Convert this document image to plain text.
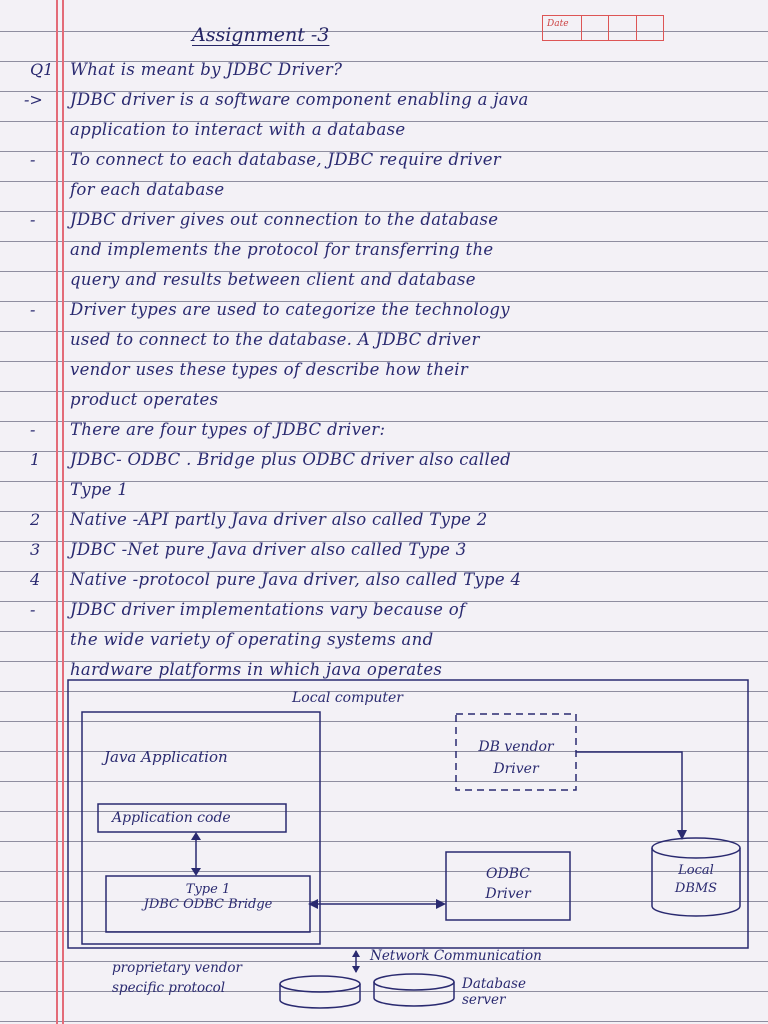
Date
Assignment -3
Q1 What is meant by JDBC Driver?
-> JDBC driver is a software component enabling a java
application to interact with a database
- To connect to each database, JDBC require driver
for each database
- JDBC driver gives out connection to the database
and implements the protocol for transferring the
query and results between client and database
- Driver types are used to categorize the technology
used to connect to the database. A JDBC driver
vendor uses these types of describe how their
product operates
- There are four types of JDBC driver:
1 JDBC- ODBC . Bridge plus ODBC driver also called
Type 1
2 Native -API partly Java driver also called Type 2
3 JDBC -Net pure Java driver also called Type 3
4 Native -protocol pure Java driver, also called Type 4
- JDBC driver implementations vary because of
the wide variety of operating systems and
hardware platforms in which java operates
Local computer
Java Application
Application code
Type 1
JDBC ODBC Bridge
ODBC
Driver
DB vendor
Driver
Local
DBMS
proprietary vendor
specific protocol
Network Communication
Database
server
